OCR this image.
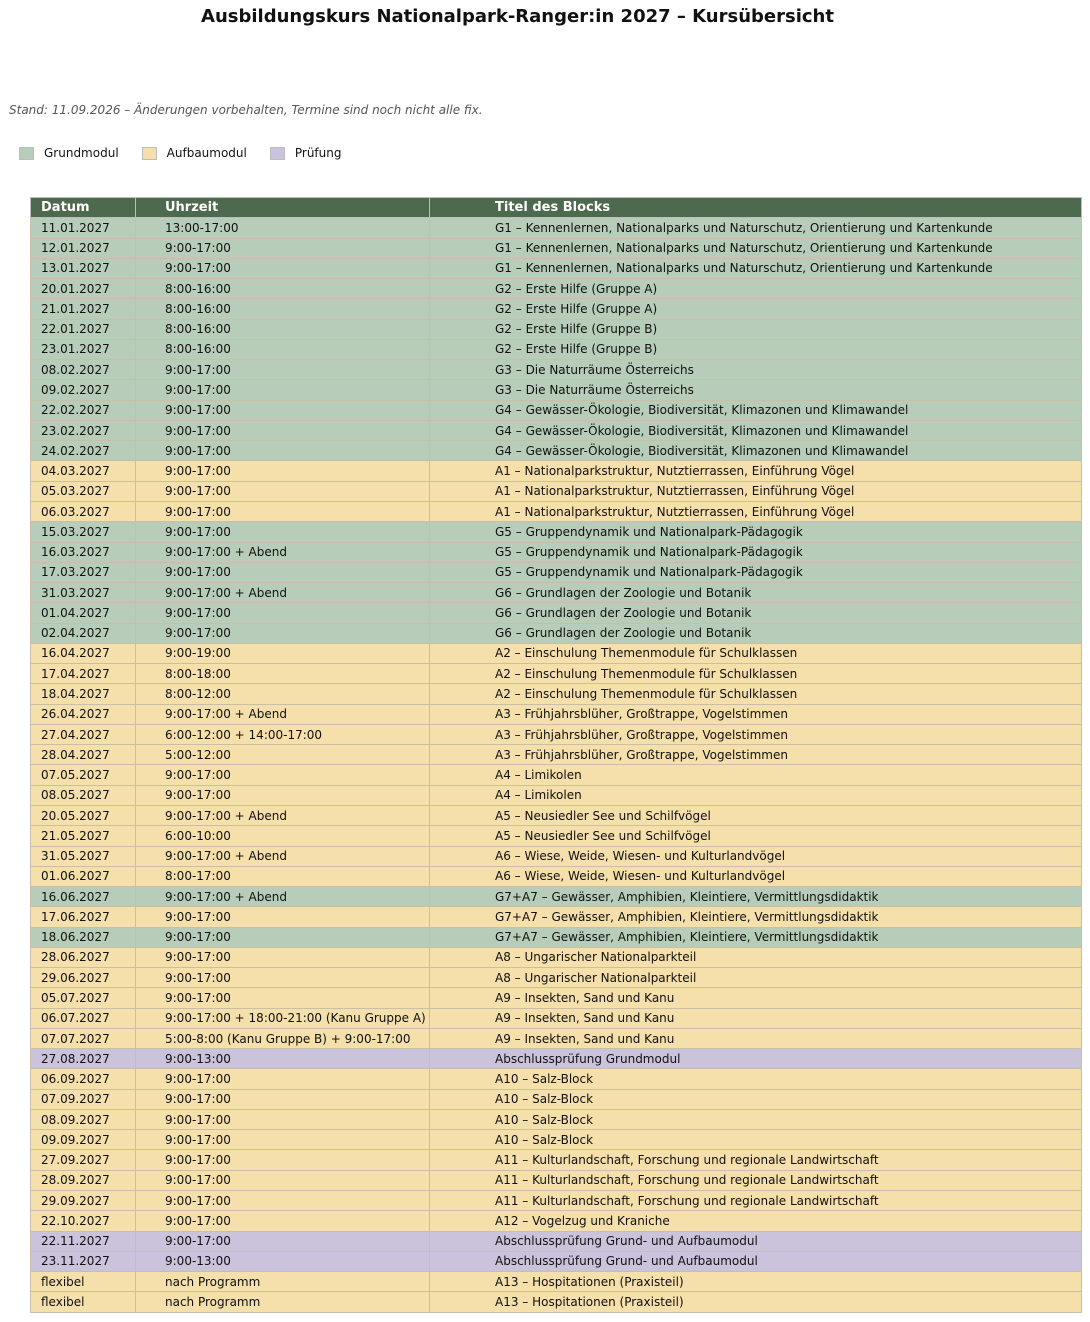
Ausbildungskurs Nationalpark-Ranger:in 2027 – Kursübersicht
Stand: 11.09.2026 – Änderungen vorbehalten, Termine sind noch nicht alle fix.
Grundmodul	Aufbaumodul	Prüfung
Datum	Uhrzeit	Titel des Blocks
11.01.2027	13:00-17:00	G1 – Kennenlernen, Nationalparks und Naturschutz, Orientierung und Kartenkunde
12.01.2027	9:00-17:00	G1 – Kennenlernen, Nationalparks und Naturschutz, Orientierung und Kartenkunde
13.01.2027	9:00-17:00	G1 – Kennenlernen, Nationalparks und Naturschutz, Orientierung und Kartenkunde
20.01.2027	8:00-16:00	G2 – Erste Hilfe (Gruppe A)
21.01.2027	8:00-16:00	G2 – Erste Hilfe (Gruppe A)
22.01.2027	8:00-16:00	G2 – Erste Hilfe (Gruppe B)
23.01.2027	8:00-16:00	G2 – Erste Hilfe (Gruppe B)
08.02.2027	9:00-17:00	G3 – Die Naturräume Österreichs
09.02.2027	9:00-17:00	G3 – Die Naturräume Österreichs
22.02.2027	9:00-17:00	G4 – Gewässer-Ökologie, Biodiversität, Klimazonen und Klimawandel
23.02.2027	9:00-17:00	G4 – Gewässer-Ökologie, Biodiversität, Klimazonen und Klimawandel
24.02.2027	9:00-17:00	G4 – Gewässer-Ökologie, Biodiversität, Klimazonen und Klimawandel
04.03.2027	9:00-17:00	A1 – Nationalparkstruktur, Nutztierrassen, Einführung Vögel
05.03.2027	9:00-17:00	A1 – Nationalparkstruktur, Nutztierrassen, Einführung Vögel
06.03.2027	9:00-17:00	A1 – Nationalparkstruktur, Nutztierrassen, Einführung Vögel
15.03.2027	9:00-17:00	G5 – Gruppendynamik und Nationalpark-Pädagogik
16.03.2027	9:00-17:00 + Abend	G5 – Gruppendynamik und Nationalpark-Pädagogik
17.03.2027	9:00-17:00	G5 – Gruppendynamik und Nationalpark-Pädagogik
31.03.2027	9:00-17:00 + Abend	G6 – Grundlagen der Zoologie und Botanik
01.04.2027	9:00-17:00	G6 – Grundlagen der Zoologie und Botanik
02.04.2027	9:00-17:00	G6 – Grundlagen der Zoologie und Botanik
16.04.2027	9:00-19:00	A2 – Einschulung Themenmodule für Schulklassen
17.04.2027	8:00-18:00	A2 – Einschulung Themenmodule für Schulklassen
18.04.2027	8:00-12:00	A2 – Einschulung Themenmodule für Schulklassen
26.04.2027	9:00-17:00 + Abend	A3 – Frühjahrsblüher, Großtrappe, Vogelstimmen
27.04.2027	6:00-12:00 + 14:00-17:00	A3 – Frühjahrsblüher, Großtrappe, Vogelstimmen
28.04.2027	5:00-12:00	A3 – Frühjahrsblüher, Großtrappe, Vogelstimmen
07.05.2027	9:00-17:00	A4 – Limikolen
08.05.2027	9:00-17:00	A4 – Limikolen
20.05.2027	9:00-17:00 + Abend	A5 – Neusiedler See und Schilfvögel
21.05.2027	6:00-10:00	A5 – Neusiedler See und Schilfvögel
31.05.2027	9:00-17:00 + Abend	A6 – Wiese, Weide, Wiesen- und Kulturlandvögel
01.06.2027	8:00-17:00	A6 – Wiese, Weide, Wiesen- und Kulturlandvögel
16.06.2027	9:00-17:00 + Abend	G7+A7 – Gewässer, Amphibien, Kleintiere, Vermittlungsdidaktik
17.06.2027	9:00-17:00	G7+A7 – Gewässer, Amphibien, Kleintiere, Vermittlungsdidaktik
18.06.2027	9:00-17:00	G7+A7 – Gewässer, Amphibien, Kleintiere, Vermittlungsdidaktik
28.06.2027	9:00-17:00	A8 – Ungarischer Nationalparkteil
29.06.2027	9:00-17:00	A8 – Ungarischer Nationalparkteil
05.07.2027	9:00-17:00	A9 – Insekten, Sand und Kanu
06.07.2027	9:00-17:00 + 18:00-21:00 (Kanu Gruppe A)	A9 – Insekten, Sand und Kanu
07.07.2027	5:00-8:00 (Kanu Gruppe B) + 9:00-17:00	A9 – Insekten, Sand und Kanu
27.08.2027	9:00-13:00	Abschlussprüfung Grundmodul
06.09.2027	9:00-17:00	A10 – Salz-Block
07.09.2027	9:00-17:00	A10 – Salz-Block
08.09.2027	9:00-17:00	A10 – Salz-Block
09.09.2027	9:00-17:00	A10 – Salz-Block
27.09.2027	9:00-17:00	A11 – Kulturlandschaft, Forschung und regionale Landwirtschaft
28.09.2027	9:00-17:00	A11 – Kulturlandschaft, Forschung und regionale Landwirtschaft
29.09.2027	9:00-17:00	A11 – Kulturlandschaft, Forschung und regionale Landwirtschaft
22.10.2027	9:00-17:00	A12 – Vogelzug und Kraniche
22.11.2027	9:00-17:00	Abschlussprüfung Grund- und Aufbaumodul
23.11.2027	9:00-13:00	Abschlussprüfung Grund- und Aufbaumodul
flexibel	nach Programm	A13 – Hospitationen (Praxisteil)
flexibel	nach Programm	A13 – Hospitationen (Praxisteil)
